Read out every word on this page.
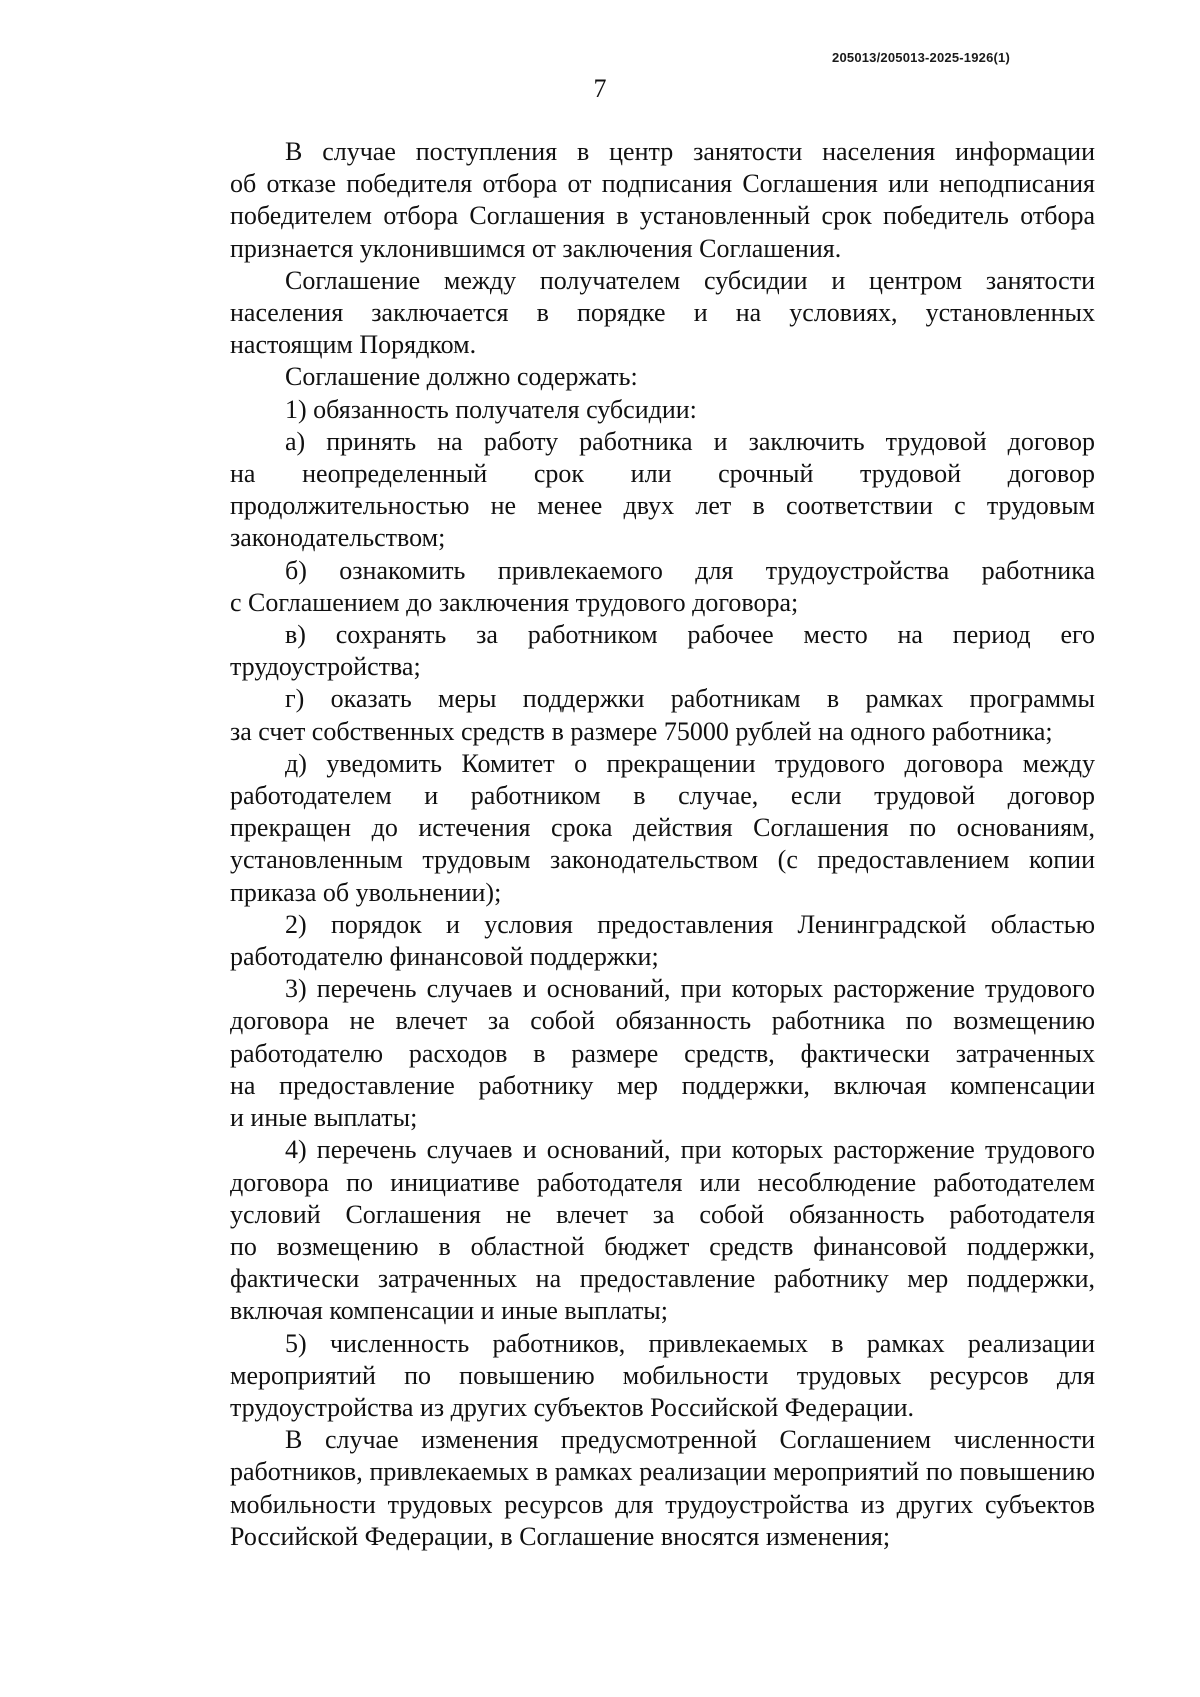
205013/205013-2025-1926(1)
7
В случае поступления в центр занятости населения информации
об отказе победителя отбора от подписания Соглашения или неподписания
победителем отбора Соглашения в установленный срок победитель отбора
признается уклонившимся от заключения Соглашения.
Соглашение между получателем субсидии и центром занятости
населения заключается в порядке и на условиях, установленных
настоящим Порядком.
Соглашение должно содержать:
1) обязанность получателя субсидии:
а) принять на работу работника и заключить трудовой договор
на неопределенный срок или срочный трудовой договор
продолжительностью не менее двух лет в соответствии с трудовым
законодательством;
б) ознакомить привлекаемого для трудоустройства работника
с Соглашением до заключения трудового договора;
в) сохранять за работником рабочее место на период его
трудоустройства;
г) оказать меры поддержки работникам в рамках программы
за счет собственных средств в размере 75000 рублей на одного работника;
д) уведомить Комитет о прекращении трудового договора между
работодателем и работником в случае, если трудовой договор
прекращен до истечения срока действия Соглашения по основаниям,
установленным трудовым законодательством (с предоставлением копии
приказа об увольнении);
2) порядок и условия предоставления Ленинградской областью
работодателю финансовой поддержки;
3) перечень случаев и оснований, при которых расторжение трудового
договора не влечет за собой обязанность работника по возмещению
работодателю расходов в размере средств, фактически затраченных
на предоставление работнику мер поддержки, включая компенсации
и иные выплаты;
4) перечень случаев и оснований, при которых расторжение трудового
договора по инициативе работодателя или несоблюдение работодателем
условий Соглашения не влечет за собой обязанность работодателя
по возмещению в областной бюджет средств финансовой поддержки,
фактически затраченных на предоставление работнику мер поддержки,
включая компенсации и иные выплаты;
5) численность работников, привлекаемых в рамках реализации
мероприятий по повышению мобильности трудовых ресурсов для
трудоустройства из других субъектов Российской Федерации.
В случае изменения предусмотренной Соглашением численности
работников, привлекаемых в рамках реализации мероприятий по повышению
мобильности трудовых ресурсов для трудоустройства из других субъектов
Российской Федерации, в Соглашение вносятся изменения;
